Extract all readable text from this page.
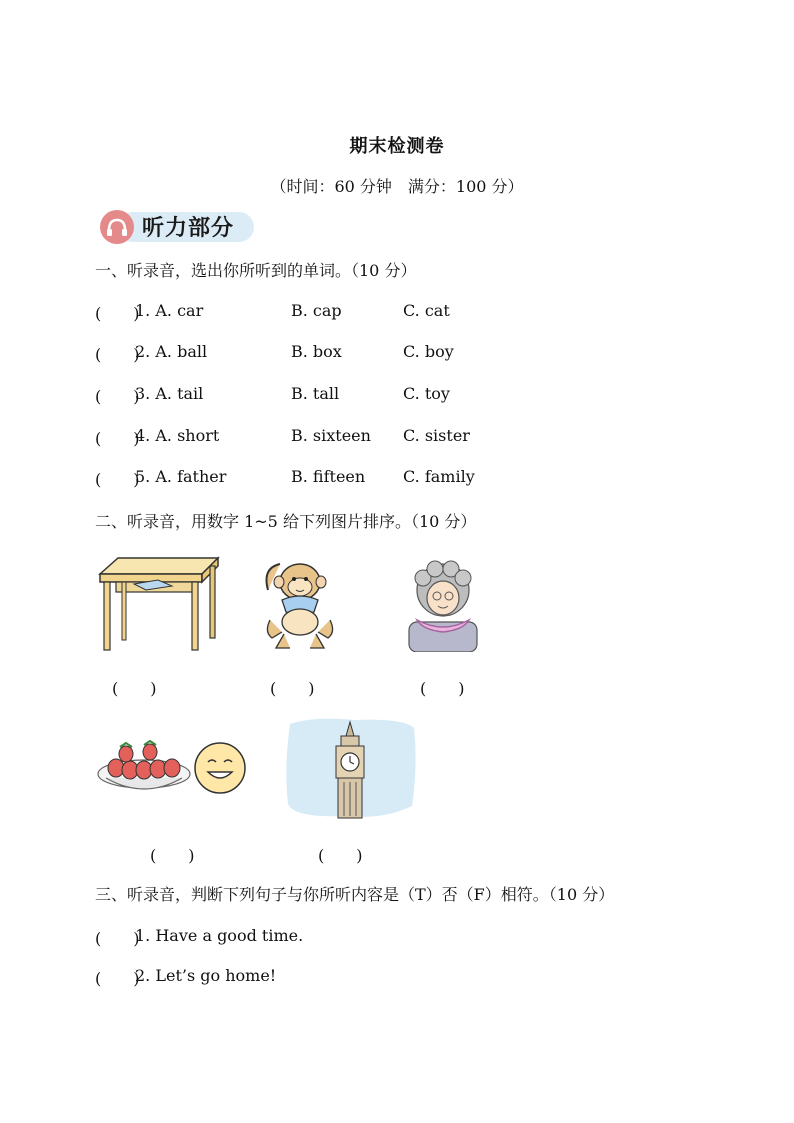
期末检测卷
（时间：60 分钟　满分：100 分）
听力部分
一、听录音，选出你所听到的单词。（10 分）
(　　)
1. A. car	B. cap	C. cat
(　　)
2. A. ball	B. box	C. boy
(　　)
3. A. tail	B. tall	C. toy
(　　)
4. A. short	B. sixteen C. sister
(　　)
5. A. father	B. fifteen C. family
二、听录音，用数字 1~5 给下列图片排序。（10 分）
(　　)	(　　)	(　　)
(　　)	(　　)
三、听录音，判断下列句子与你所听内容是（T）否（F）相符。（10 分）
(　　)
1. Have a good time.
(　　)
2. Let’s go home!
